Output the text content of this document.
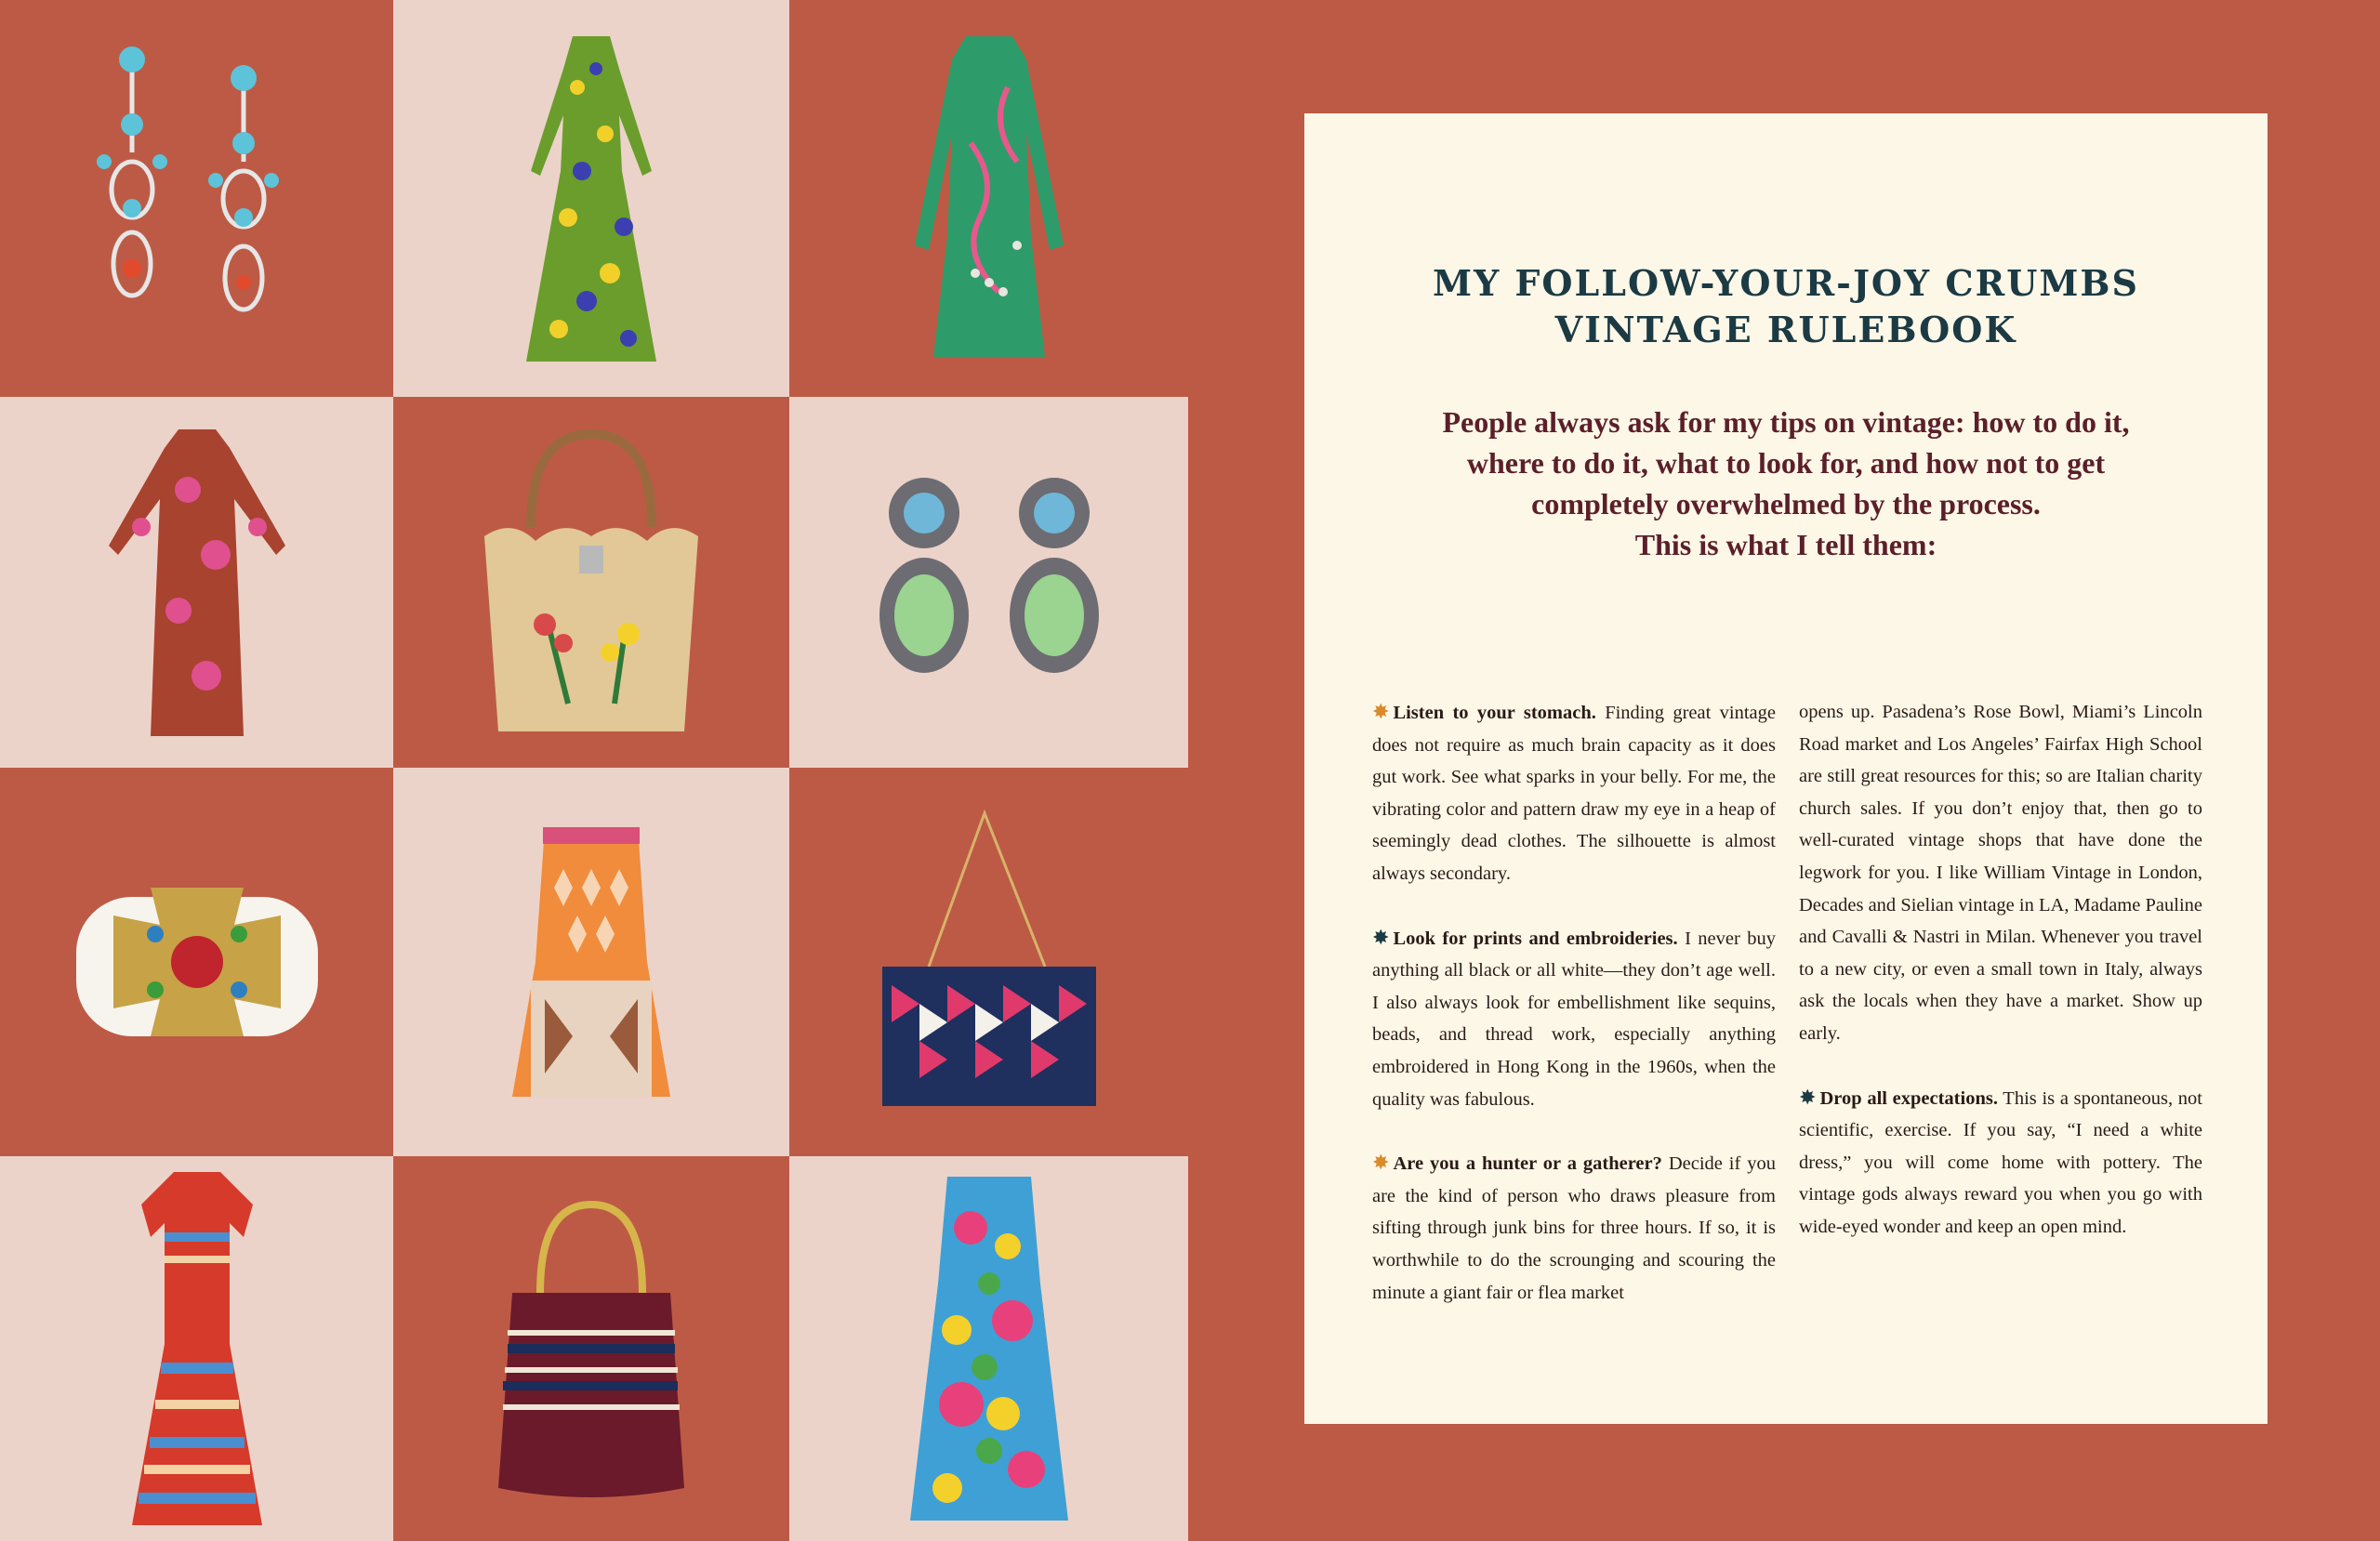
MY FOLLOW-YOUR-JOY CRUMBS
VINTAGE RULEBOOK
People always ask for my tips on vintage: how to do it,
where to do it, what to look for, and how not to get
completely overwhelmed by the process.
This is what I tell them:

✸ Listen to your stomach. Finding great vintage does not require as much brain capacity as it does gut work. See what sparks in your belly. For me, the vibrating color and pattern draw my eye in a heap of seemingly dead clothes. The silhouette is almost always secondary.

✸ Look for prints and embroideries. I never buy anything all black or all white—they don’t age well. I also always look for embellishment like sequins, beads, and thread work, especially anything embroidered in Hong Kong in the 1960s, when the quality was fabulous.

✸ Are you a hunter or a gatherer? Decide if you are the kind of person who draws pleasure from sifting through junk bins for three hours. If so, it is worthwhile to do the scrounging and scouring the minute a giant fair or flea market

opens up. Pasadena’s Rose Bowl, Miami’s Lincoln Road market and Los Angeles’ Fairfax High School are still great resources for this; so are Italian charity church sales. If you don’t enjoy that, then go to well-curated vintage shops that have done the legwork for you. I like William Vintage in London, Decades and Sielian vintage in LA, Madame Pauline and Cavalli & Nastri in Milan. Whenever you travel to a new city, or even a small town in Italy, always ask the locals when they have a market. Show up early.

✸ Drop all expectations. This is a spontaneous, not scientific, exercise. If you say, “I need a white dress,” you will come home with pottery. The vintage gods always reward you when you go with wide-eyed wonder and keep an open mind.
